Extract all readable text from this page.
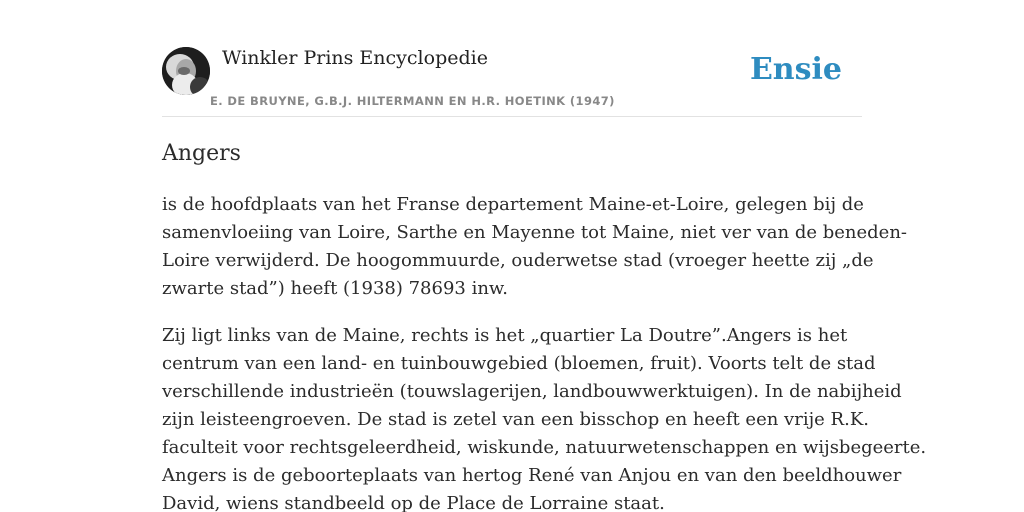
Winkler Prins Encyclopedie
E. DE BRUYNE, G.B.J. HILTERMANN EN H.R. HOETINK (1947)
Ensie
Angers

is de hoofdplaats van het Franse departement Maine-et-Loire, gelegen bij de
samenvloeiing van Loire, Sarthe en Mayenne tot Maine, niet ver van de beneden-
Loire verwijderd. De hoogommuurde, ouderwetse stad (vroeger heette zij „de
zwarte stad”) heeft (1938) 78693 inw.

Zij ligt links van de Maine, rechts is het „quartier La Doutre”.Angers is het
centrum van een land- en tuinbouwgebied (bloemen, fruit). Voorts telt de stad
verschillende industrieën (touwslagerijen, landbouwwerktuigen). In de nabijheid
zijn leisteengroeven. De stad is zetel van een bisschop en heeft een vrije R.K.
faculteit voor rechtsgeleerdheid, wiskunde, natuurwetenschappen en wijsbegeerte.
Angers is de geboorteplaats van hertog René van Anjou en van den beeldhouwer
David, wiens standbeeld op de Place de Lorraine staat.
